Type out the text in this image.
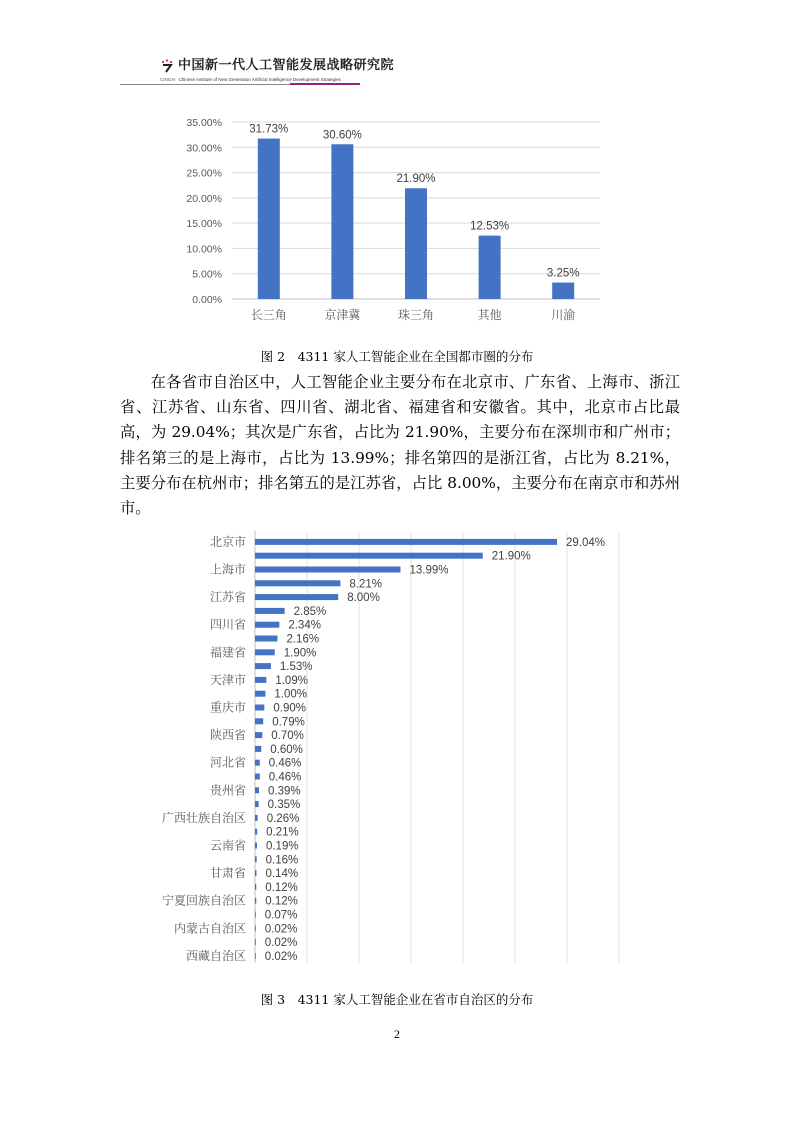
中国新一代人工智能发展战略研究院
CINGAI Chinese Institute of New Generation Artificial Intelligence Development Strategies
0.00%
5.00%
10.00%
15.00%
20.00%
25.00%
30.00%
35.00%
31.73%
长三角
30.60%
京津冀
21.90%
珠三角
12.53%
其他
3.25%
川渝
图 2　4311 家人工智能企业在全国都市圈的分布
在各省市自治区中，人工智能企业主要分布在北京市、广东省、上海市、浙江省、江苏省、山东省、四川省、湖北省、福建省和安徽省。其中，北京市占比最高，为 29.04%；其次是广东省，占比为 21.90%，主要分布在深圳市和广州市；排名第三的是上海市，占比为 13.99%；排名第四的是浙江省，占比为 8.21%，主要分布在杭州市；排名第五的是江苏省，占比 8.00%，主要分布在南京市和苏州市。
29.04%
北京市
21.90%
13.99%
上海市
8.21%
8.00%
江苏省
2.85%
2.34%
四川省
2.16%
1.90%
福建省
1.53%
1.09%
天津市
1.00%
0.90%
重庆市
0.79%
0.70%
陕西省
0.60%
0.46%
河北省
0.46%
0.39%
贵州省
0.35%
0.26%
广西壮族自治区
0.21%
0.19%
云南省
0.16%
0.14%
甘肃省
0.12%
0.12%
宁夏回族自治区
0.07%
0.02%
内蒙古自治区
0.02%
0.02%
西藏自治区
图 3　4311 家人工智能企业在省市自治区的分布
2
